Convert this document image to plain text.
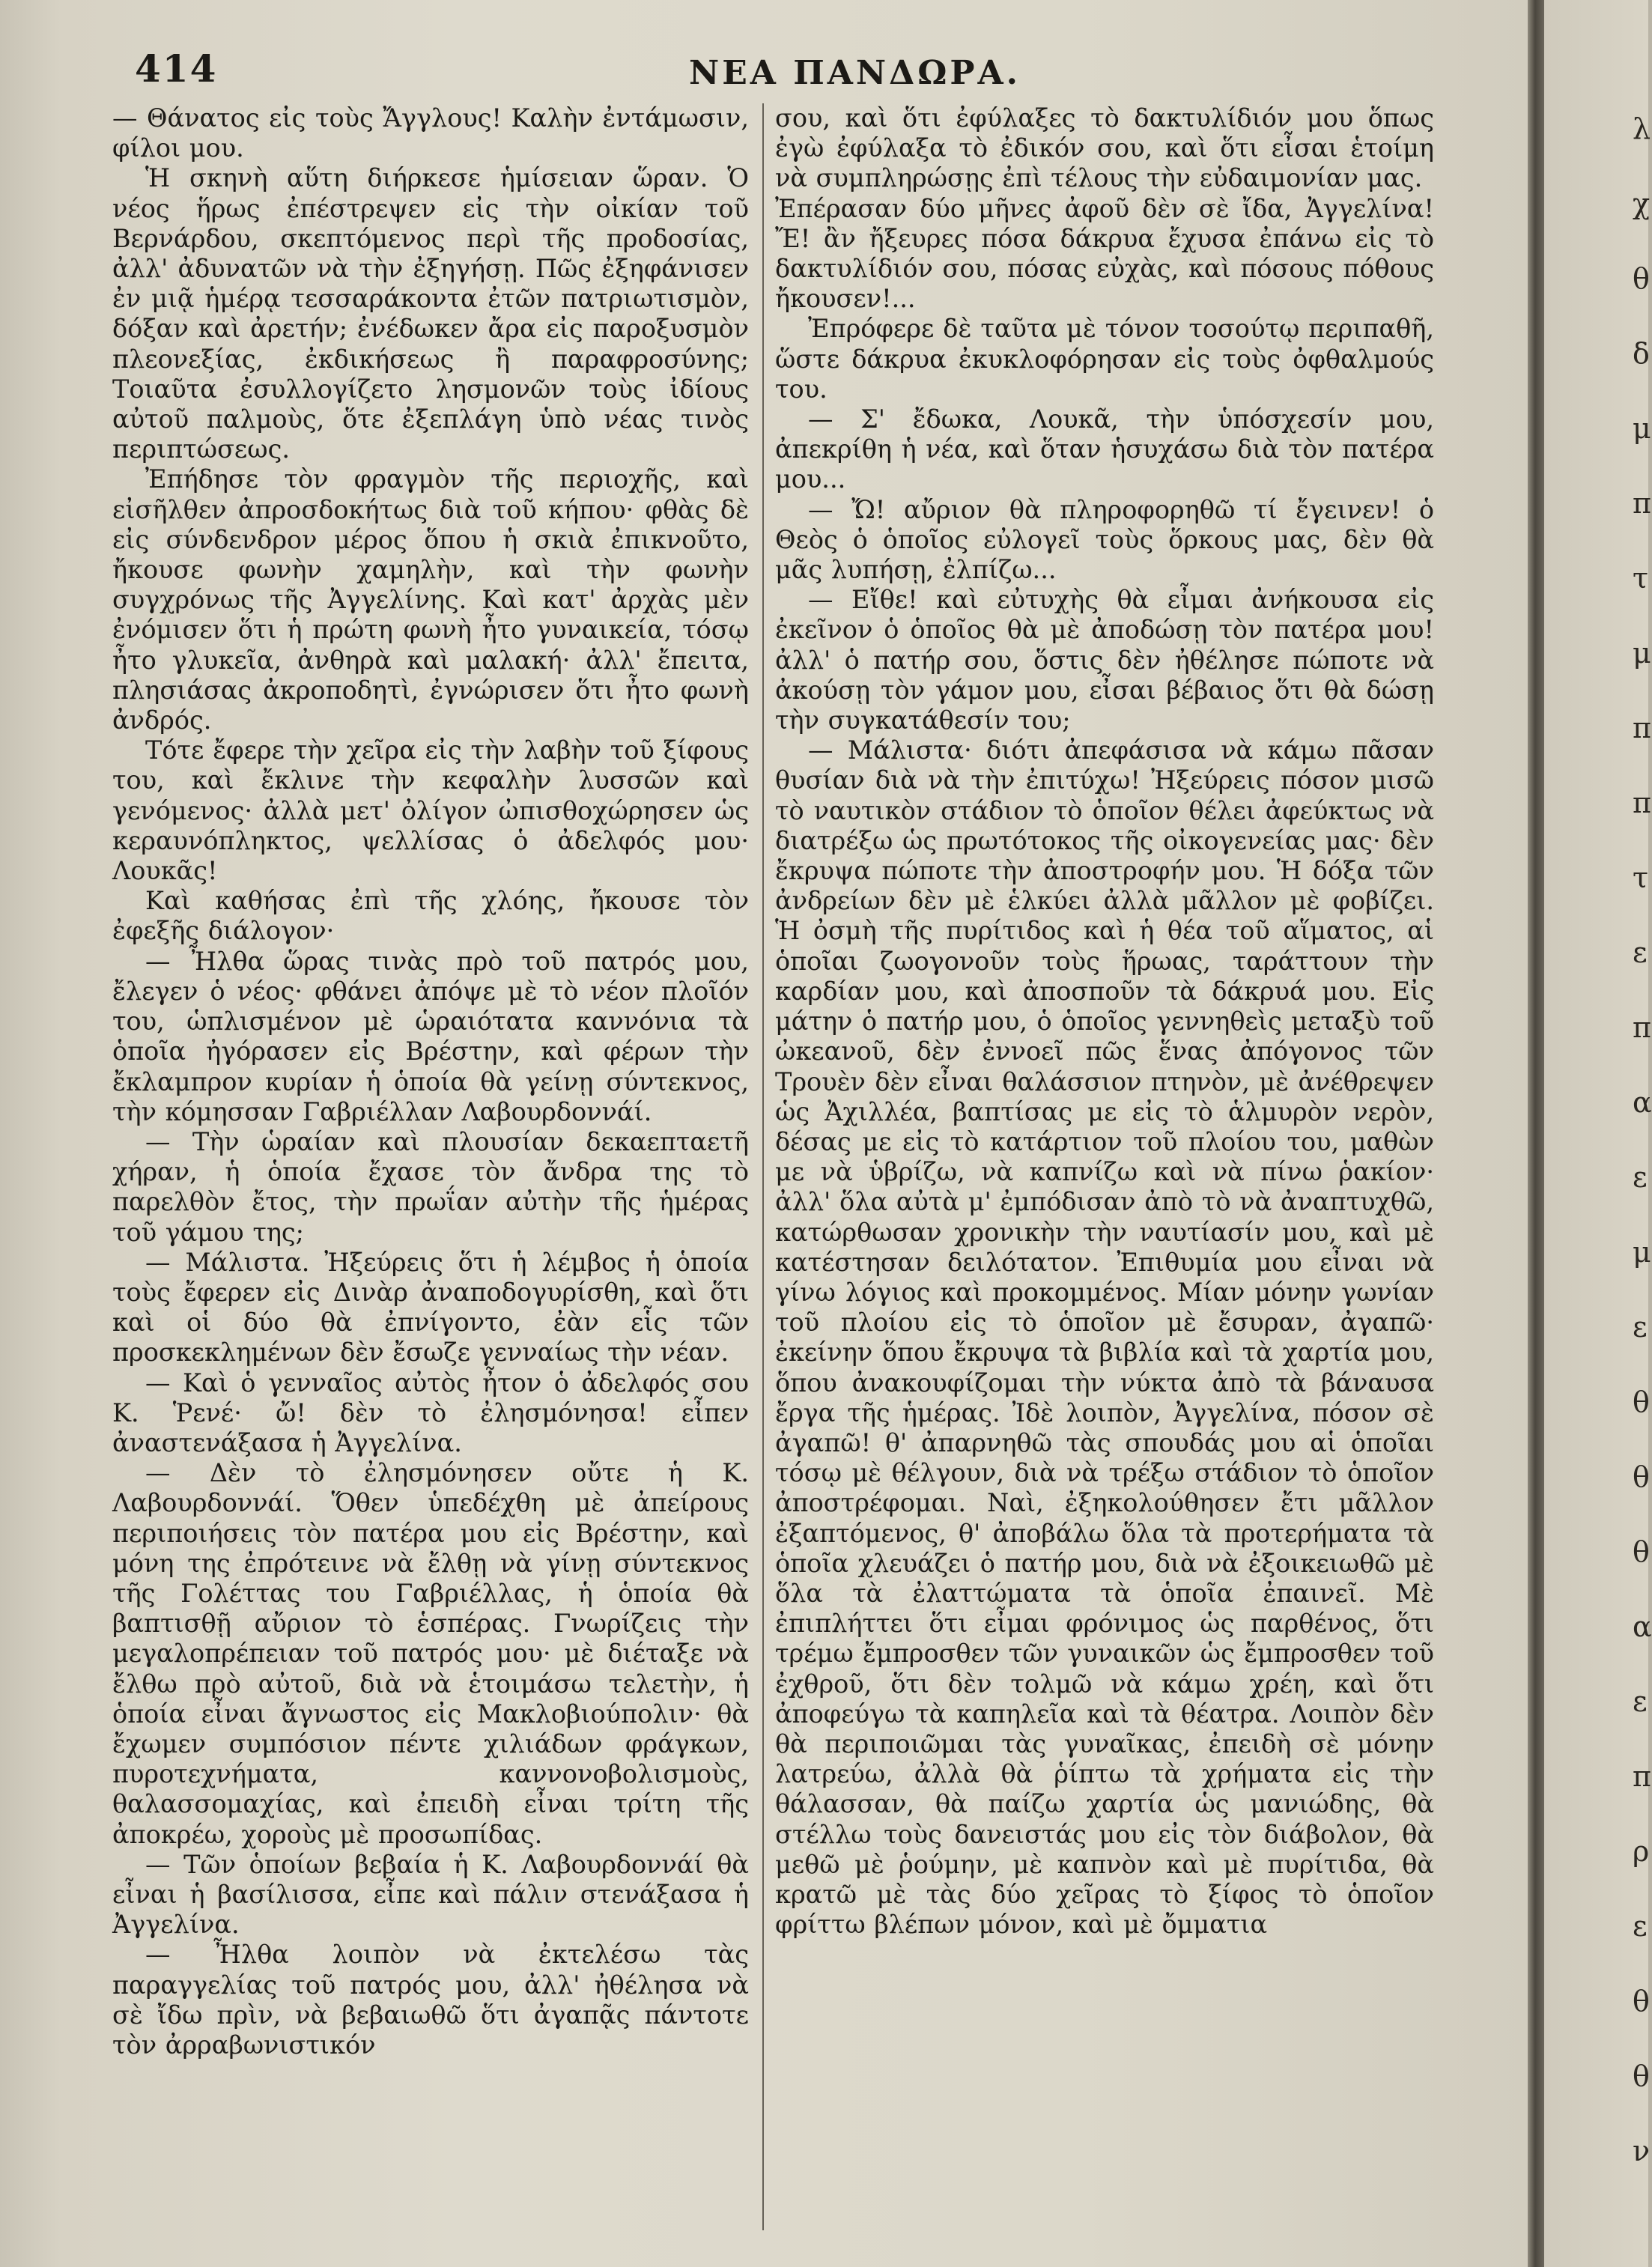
414	ΝΕΑ ΠΑΝΔΩΡΑ.

— Θάνατος εἰς τοὺς Ἄγγλους! Καλὴν ἐντάμωσιν, φίλοι μου.

Ἡ σκηνὴ αὕτη διήρκεσε ἡμίσειαν ὥραν. Ὁ νέος ἥρως ἐπέστρεψεν εἰς τὴν οἰκίαν τοῦ Βερνάρδου, σκεπτόμενος περὶ τῆς προδοσίας, ἀλλ' ἀδυνατῶν νὰ τὴν ἐξηγήσῃ. Πῶς ἐξηφάνισεν ἐν μιᾷ ἡμέρᾳ τεσσαράκοντα ἐτῶν πατριωτισμὸν, δόξαν καὶ ἀρετήν; ἐνέδωκεν ἄρα εἰς παροξυσμὸν πλεονεξίας, ἐκδικήσεως ἢ παραφροσύνης; Τοιαῦτα ἐσυλλογίζετο λησμονῶν τοὺς ἰδίους αὐτοῦ παλμοὺς, ὅτε ἐξεπλάγη ὑπὸ νέας τινὸς περιπτώσεως.

Ἐπήδησε τὸν φραγμὸν τῆς περιοχῆς, καὶ εἰσῆλθεν ἀπροσδοκήτως διὰ τοῦ κήπου· φθὰς δὲ εἰς σύνδενδρον μέρος ὅπου ἡ σκιὰ ἐπικνοῦτο, ἤκουσε φωνὴν χαμηλὴν, καὶ τὴν φωνὴν συγχρόνως τῆς Ἀγγελίνης. Καὶ κατ' ἀρχὰς μὲν ἐνόμισεν ὅτι ἡ πρώτη φωνὴ ἦτο γυναικεία, τόσῳ ἦτο γλυκεῖα, ἀνθηρὰ καὶ μαλακή· ἀλλ' ἔπειτα, πλησιάσας ἀκροποδητὶ, ἐγνώρισεν ὅτι ἦτο φωνὴ ἀνδρός.

Τότε ἔφερε τὴν χεῖρα εἰς τὴν λαβὴν τοῦ ξίφους του, καὶ ἔκλινε τὴν κεφαλὴν λυσσῶν καὶ γενόμενος· ἀλλὰ μετ' ὀλίγον ὠπισθοχώρησεν ὡς κεραυνόπληκτος, ψελλίσας ὁ ἀδελφός μου· Λουκᾶς!

Καὶ καθήσας ἐπὶ τῆς χλόης, ἤκουσε τὸν ἐφεξῆς διάλογον·

— Ἦλθα ὥρας τινὰς πρὸ τοῦ πατρός μου, ἔλεγεν ὁ νέος· φθάνει ἀπόψε μὲ τὸ νέον πλοῖόν του, ὡπλισμένον μὲ ὡραιότατα καννόνια τὰ ὁποῖα ἠγόρασεν εἰς Βρέστην, καὶ φέρων τὴν ἔκλαμπρον κυρίαν ἡ ὁποία θὰ γείνῃ σύντεκνος, τὴν κόμησσαν Γαβριέλλαν Λαβουρδοννάί.

— Τὴν ὡραίαν καὶ πλουσίαν δεκαεπταετῆ χήραν, ἡ ὁποία ἔχασε τὸν ἄνδρα της τὸ παρελθὸν ἔτος, τὴν πρωΐαν αὐτὴν τῆς ἡμέρας τοῦ γάμου της;

— Μάλιστα. Ἠξεύρεις ὅτι ἡ λέμβος ἡ ὁποία τοὺς ἔφερεν εἰς Δινὰρ ἀναποδογυρίσθη, καὶ ὅτι καὶ οἱ δύο θὰ ἐπνίγοντο, ἐὰν εἷς τῶν προσκεκλημένων δὲν ἔσωζε γενναίως τὴν νέαν.

— Καὶ ὁ γενναῖος αὐτὸς ἦτον ὁ ἀδελφός σου Κ. Ῥενέ· ὤ! δὲν τὸ ἐλησμόνησα! εἶπεν ἀναστενάξασα ἡ Ἀγγελίνα.

— Δὲν τὸ ἐλησμόνησεν οὔτε ἡ Κ. Λαβουρδοννάί. Ὅθεν ὑπεδέχθη μὲ ἀπείρους περιποιήσεις τὸν πατέρα μου εἰς Βρέστην, καὶ μόνη της ἐπρότεινε νὰ ἔλθῃ νὰ γίνῃ σύντεκνος τῆς Γολέττας του Γαβριέλλας, ἡ ὁποία θὰ βαπτισθῇ αὔριον τὸ ἑσπέρας. Γνωρίζεις τὴν μεγαλοπρέπειαν τοῦ πατρός μου· μὲ διέταξε νὰ ἔλθω πρὸ αὐτοῦ, διὰ νὰ ἑτοιμάσω τελετὴν, ἡ ὁποία εἶναι ἄγνωστος εἰς Μακλοβιούπολιν· θὰ ἔχωμεν συμπόσιον πέντε χιλιάδων φράγκων, πυροτεχνήματα, καννονοβολισμοὺς, θαλασσομαχίας, καὶ ἐπειδὴ εἶναι τρίτη τῆς ἀποκρέω, χοροὺς μὲ προσωπίδας.

— Τῶν ὁποίων βεβαία ἡ Κ. Λαβουρδοννάί θὰ εἶναι ἡ βασίλισσα, εἶπε καὶ πάλιν στενάξασα ἡ Ἀγγελίνα.

— Ἦλθα λοιπὸν νὰ ἐκτελέσω τὰς παραγγελίας τοῦ πατρός μου, ἀλλ' ἠθέλησα νὰ σὲ ἴδω πρὶν, νὰ βεβαιωθῶ ὅτι ἀγαπᾷς πάντοτε τὸν ἀρραβωνιστικόν

σου, καὶ ὅτι ἐφύλαξες τὸ δακτυλίδιόν μου ὅπως ἐγὼ ἐφύλαξα τὸ ἐδικόν σου, καὶ ὅτι εἶσαι ἑτοίμη νὰ συμπληρώσῃς ἐπὶ τέλους τὴν εὐδαιμονίαν μας.

Ἐπέρασαν δύο μῆνες ἀφοῦ δὲν σὲ ἴδα, Ἀγγελίνα! Ἔ! ἂν ἤξευρες πόσα δάκρυα ἔχυσα ἐπάνω εἰς τὸ δακτυλίδιόν σου, πόσας εὐχὰς, καὶ πόσους πόθους ἤκουσεν!...

Ἐπρόφερε δὲ ταῦτα μὲ τόνον τοσούτῳ περιπαθῆ, ὥστε δάκρυα ἐκυκλοφόρησαν εἰς τοὺς ὀφθαλμούς του.

— Σ' ἔδωκα, Λουκᾶ, τὴν ὑπόσχεσίν μου, ἀπεκρίθη ἡ νέα, καὶ ὅταν ἡσυχάσω διὰ τὸν πατέρα μου...

— Ὤ! αὔριον θὰ πληροφορηθῶ τί ἔγεινεν! ὁ Θεὸς ὁ ὁποῖος εὐλογεῖ τοὺς ὅρκους μας, δὲν θὰ μᾶς λυπήσῃ, ἐλπίζω...

— Εἴθε! καὶ εὐτυχὴς θὰ εἶμαι ἀνήκουσα εἰς ἐκεῖνον ὁ ὁποῖος θὰ μὲ ἀποδώσῃ τὸν πατέρα μου! ἀλλ' ὁ πατήρ σου, ὅστις δὲν ἠθέλησε πώποτε νὰ ἀκούσῃ τὸν γάμον μου, εἶσαι βέβαιος ὅτι θὰ δώσῃ τὴν συγκατάθεσίν του;

— Μάλιστα· διότι ἀπεφάσισα νὰ κάμω πᾶσαν θυσίαν διὰ νὰ τὴν ἐπιτύχω! Ἠξεύρεις πόσον μισῶ τὸ ναυτικὸν στάδιον τὸ ὁποῖον θέλει ἀφεύκτως νὰ διατρέξω ὡς πρωτότοκος τῆς οἰκογενείας μας· δὲν ἔκρυψα πώποτε τὴν ἀποστροφήν μου. Ἡ δόξα τῶν ἀνδρείων δὲν μὲ ἑλκύει ἀλλὰ μᾶλλον μὲ φοβίζει. Ἡ ὀσμὴ τῆς πυρίτιδος καὶ ἡ θέα τοῦ αἵματος, αἱ ὁποῖαι ζωογονοῦν τοὺς ἥρωας, ταράττουν τὴν καρδίαν μου, καὶ ἀποσποῦν τὰ δάκρυά μου. Εἰς μάτην ὁ πατήρ μου, ὁ ὁποῖος γεννηθεὶς μεταξὺ τοῦ ὠκεανοῦ, δὲν ἐννοεῖ πῶς ἕνας ἀπόγονος τῶν Τρουὲν δὲν εἶναι θαλάσσιον πτηνὸν, μὲ ἀνέθρεψεν ὡς Ἀχιλλέα, βαπτίσας με εἰς τὸ ἁλμυρὸν νερὸν, δέσας με εἰς τὸ κατάρτιον τοῦ πλοίου του, μαθὼν με νὰ ὑβρίζω, νὰ καπνίζω καὶ νὰ πίνω ῥακίον· ἀλλ' ὅλα αὐτὰ μ' ἐμπόδισαν ἀπὸ τὸ νὰ ἀναπτυχθῶ, κατώρθωσαν χρονικὴν τὴν ναυτίασίν μου, καὶ μὲ κατέστησαν δειλότατον. Ἐπιθυμία μου εἶναι νὰ γίνω λόγιος καὶ προκομμένος. Μίαν μόνην γωνίαν τοῦ πλοίου εἰς τὸ ὁποῖον μὲ ἔσυραν, ἀγαπῶ· ἐκείνην ὅπου ἔκρυψα τὰ βιβλία καὶ τὰ χαρτία μου, ὅπου ἀνακουφίζομαι τὴν νύκτα ἀπὸ τὰ βάναυσα ἔργα τῆς ἡμέρας. Ἰδὲ λοιπὸν, Ἀγγελίνα, πόσον σὲ ἀγαπῶ! θ' ἀπαρνηθῶ τὰς σπουδάς μου αἱ ὁποῖαι τόσῳ μὲ θέλγουν, διὰ νὰ τρέξω στάδιον τὸ ὁποῖον ἀποστρέφομαι. Ναὶ, ἐξηκολούθησεν ἔτι μᾶλλον ἐξαπτόμενος, θ' ἀποβάλω ὅλα τὰ προτερήματα τὰ ὁποῖα χλευάζει ὁ πατήρ μου, διὰ νὰ ἐξοικειωθῶ μὲ ὅλα τὰ ἐλαττώματα τὰ ὁποῖα ἐπαινεῖ. Μὲ ἐπιπλήττει ὅτι εἶμαι φρόνιμος ὡς παρθένος, ὅτι τρέμω ἔμπροσθεν τῶν γυναικῶν ὡς ἔμπροσθεν τοῦ ἐχθροῦ, ὅτι δὲν τολμῶ νὰ κάμω χρέη, καὶ ὅτι ἀποφεύγω τὰ καπηλεῖα καὶ τὰ θέατρα. Λοιπὸν δὲν θὰ περιποιῶμαι τὰς γυναῖκας, ἐπειδὴ σὲ μόνην λατρεύω, ἀλλὰ θὰ ῥίπτω τὰ χρήματα εἰς τὴν θάλασσαν, θὰ παίζω χαρτία ὡς μανιώδης, θὰ στέλλω τοὺς δανειστάς μου εἰς τὸν διάβολον, θὰ μεθῶ μὲ ῥούμην, μὲ καπνὸν καὶ μὲ πυρίτιδα, θὰ κρατῶ μὲ τὰς δύο χεῖρας τὸ ξίφος τὸ ὁποῖον φρίττω βλέπων μόνον, καὶ μὲ ὄμματια

λ
χ
θ
δ
μ
π
τ
μ
π
π
τ
ε
π
α
ε
μ
ε
θ
θ
θ
α
ε
π
ρ
ε
θ
θ
ν
